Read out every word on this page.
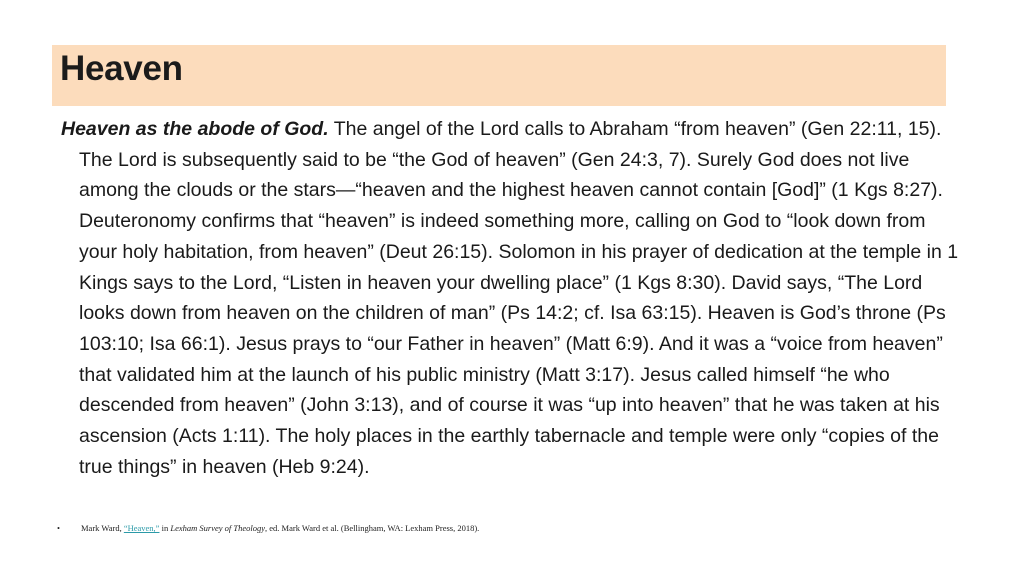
Heaven

Heaven as the abode of God. The angel of the Lord calls to Abraham “from heaven” (Gen 22:11, 15). The Lord is subsequently said to be “the God of heaven” (Gen 24:3, 7). Surely God does not live among the clouds or the stars—“heaven and the highest heaven cannot contain [God]” (1 Kgs 8:27). Deuteronomy confirms that “heaven” is indeed something more, calling on God to “look down from your holy habitation, from heaven” (Deut 26:15). Solomon in his prayer of dedication at the temple in 1 Kings says to the Lord, “Listen in heaven your dwelling place” (1 Kgs 8:30). David says, “The Lord looks down from heaven on the children of man” (Ps 14:2; cf. Isa 63:15). Heaven is God’s throne (Ps 103:10; Isa 66:1). Jesus prays to “our Father in heaven” (Matt 6:9). And it was a “voice from heaven” that validated him at the launch of his public ministry (Matt 3:17). Jesus called himself “he who descended from heaven” (John 3:13), and of course it was “up into heaven” that he was taken at his ascension (Acts 1:11). The holy places in the earthly tabernacle and temple were only “copies of the true things” in heaven (Heb 9:24).

• Mark Ward, “Heaven,” in Lexham Survey of Theology, ed. Mark Ward et al. (Bellingham, WA: Lexham Press, 2018).
